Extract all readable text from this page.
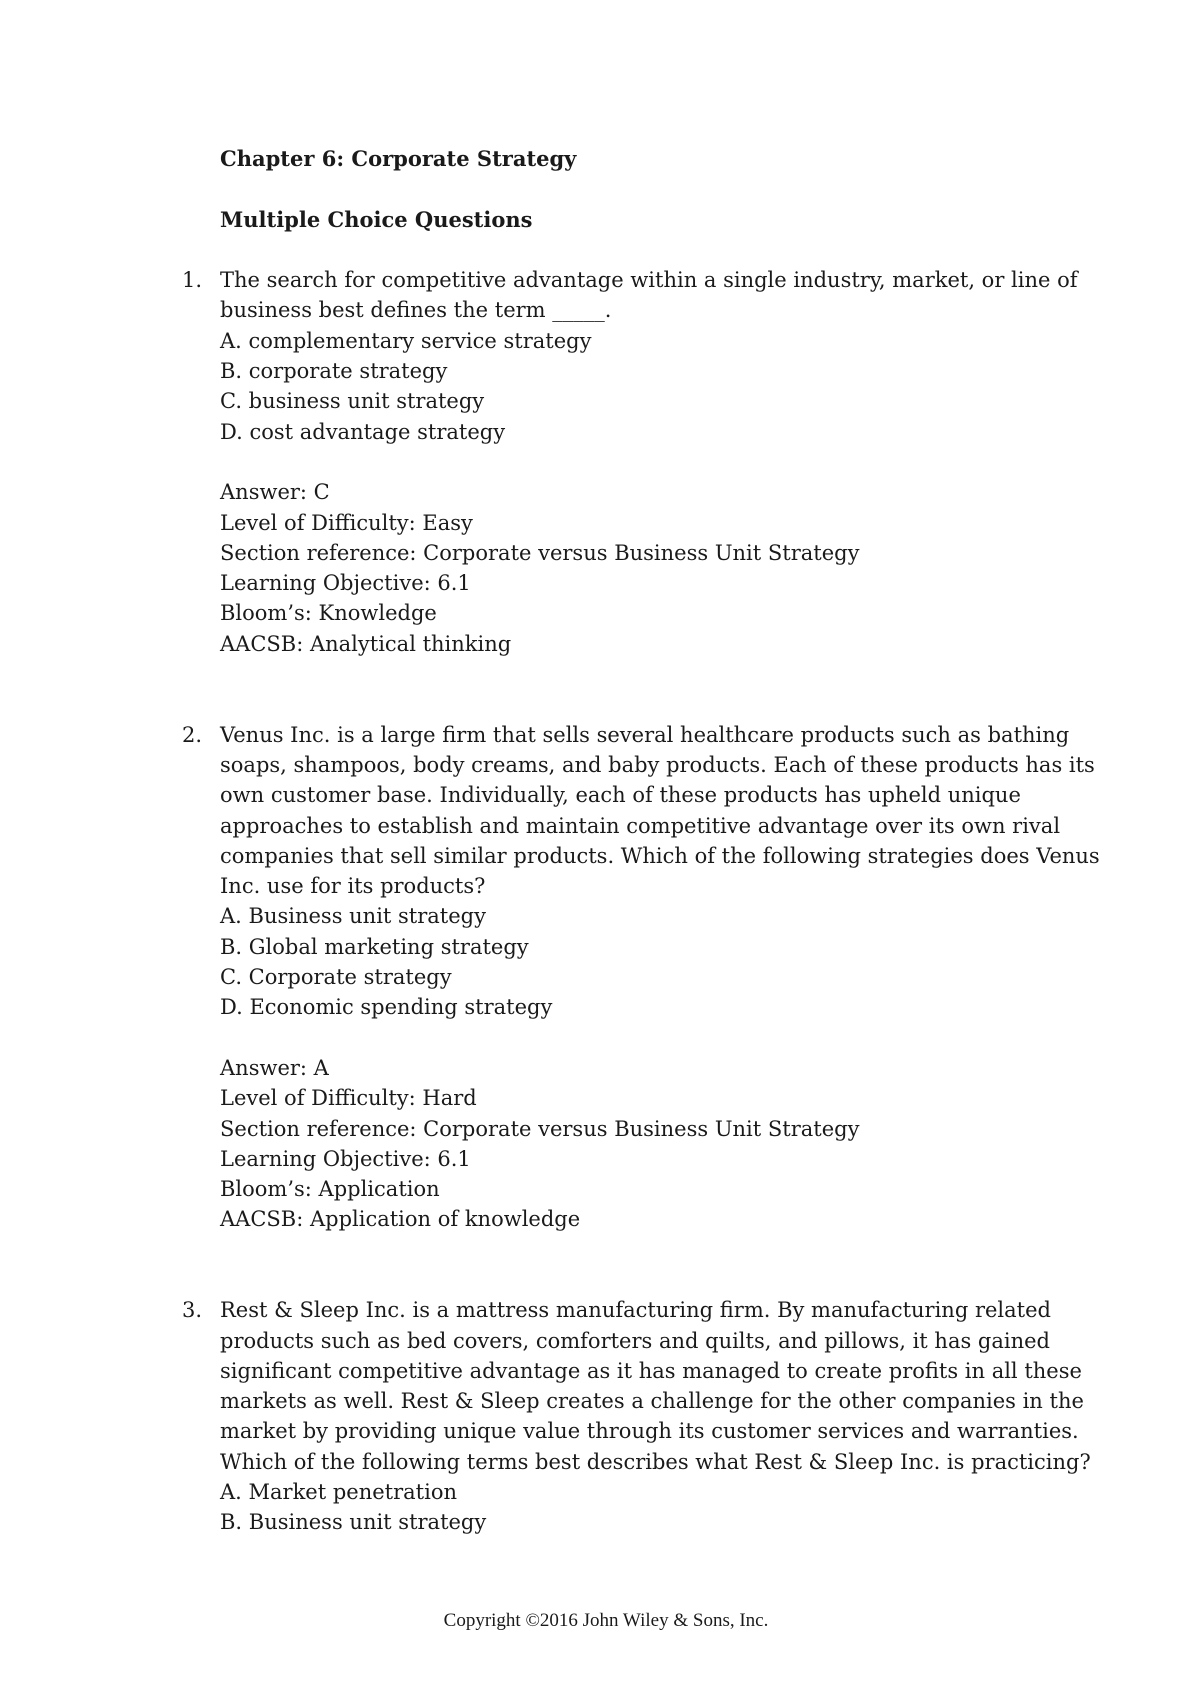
Chapter 6: Corporate Strategy

Multiple Choice Questions

1. The search for competitive advantage within a single industry, market, or line of business best defines the term _____.

A. complementary service strategy
B. corporate strategy
C. business unit strategy
D. cost advantage strategy
Answer: C
Level of Difficulty: Easy
Section reference: Corporate versus Business Unit Strategy
Learning Objective: 6.1
Bloom’s: Knowledge
AACSB: Analytical thinking
2. Venus Inc. is a large firm that sells several healthcare products such as bathing soaps, shampoos, body creams, and baby products. Each of these products has its own customer base. Individually, each of these products has upheld unique approaches to establish and maintain competitive advantage over its own rival companies that sell similar products. Which of the following strategies does Venus Inc. use for its products?

A. Business unit strategy
B. Global marketing strategy
C. Corporate strategy
D. Economic spending strategy
Answer: A
Level of Difficulty: Hard
Section reference: Corporate versus Business Unit Strategy
Learning Objective: 6.1
Bloom’s: Application
AACSB: Application of knowledge
3. Rest & Sleep Inc. is a mattress manufacturing firm. By manufacturing related products such as bed covers, comforters and quilts, and pillows, it has gained significant competitive advantage as it has managed to create profits in all these markets as well. Rest & Sleep creates a challenge for the other companies in the market by providing unique value through its customer services and warranties. Which of the following terms best describes what Rest & Sleep Inc. is practicing?

A. Market penetration
B. Business unit strategy
Copyright ©2016 John Wiley & Sons, Inc.
